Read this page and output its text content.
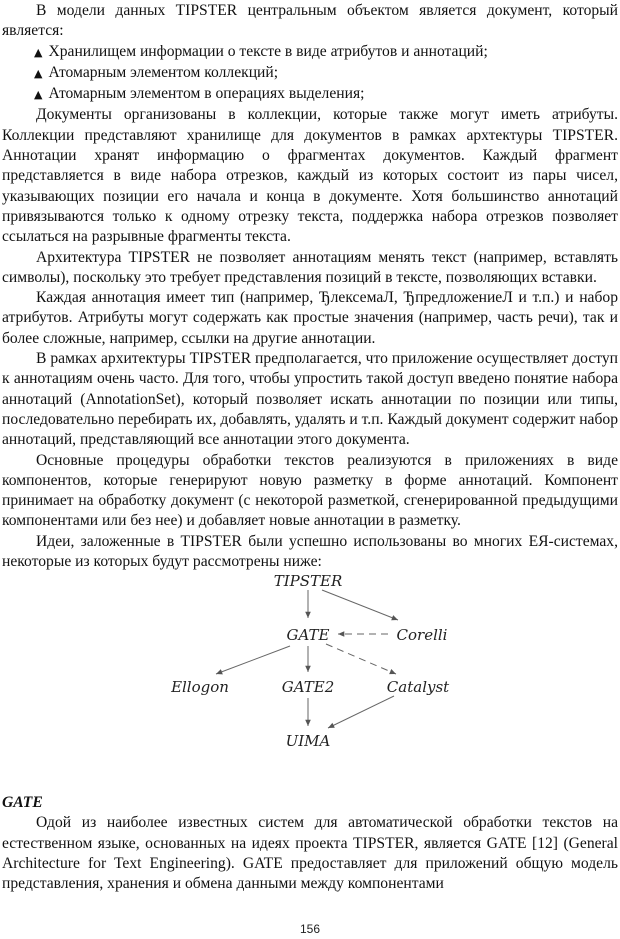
В модели данных TIPSTER центральным объектом является документ, который является:

▲ Хранилищем информации о тексте в виде атрибутов и аннотаций;
▲ Атомарным элементом коллекций;
▲ Атомарным элементом в операциях выделения;

Документы организованы в коллекции, которые также могут иметь атрибуты. Коллекции представляют хранилище для документов в рамках архтектуры TIPSTER. Аннотации хранят информацию о фрагментах документов. Каждый фрагмент представляется в виде набора отрезков, каждый из которых состоит из пары чисел, указывающих позиции его начала и конца в документе. Хотя большинство аннотаций привязываются только к одному отрезку текста, поддержка набора отрезков позволяет ссылаться на разрывные фрагменты текста.

Архитектура TIPSTER не позволяет аннотациям менять текст (например, вставлять символы), поскольку это требует представления позиций в тексте, позволяющих вставки.

Каждая аннотация имеет тип (например, ЂлексемаЛ, ЂпредложениеЛ и т.п.) и набор атрибутов. Атрибуты могут содержать как простые значения (например, часть речи), так и более сложные, например, ссылки на другие аннотации.

В рамках архитектуры TIPSTER предполагается, что приложение осуществляет доступ к аннотациям очень часто. Для того, чтобы упростить такой доступ введено понятие набора аннотаций (AnnotationSet), который позволяет искать аннотации по позиции или типы, последовательно перебирать их, добавлять, удалять и т.п. Каждый документ содержит набор аннотаций, представляющий все аннотации этого документа.

Основные процедуры обработки текстов реализуются в приложениях в виде компонентов, которые генерируют новую разметку в форме аннотаций. Компонент принимает на обработку документ (с некоторой разметкой, сгенерированной предыдущими компонентами или без нее) и добавляет новые аннотации в разметку.

Идеи, заложенные в TIPSTER были успешно использованы во многих ЕЯ-системах, некоторые из которых будут рассмотрены ниже:

TIPSTER
GATE	Corelli
Ellogon	GATE2	Catalyst
UIMA
GATE

Одой из наиболее известных систем для автоматической обработки текстов на естественном языке, основанных на идеях проекта TIPSTER, является GATE [12] (General Architecture for Text Engineering). GATE предоставляет для приложений общую модель представления, хранения и обмена данными между компонентами

156
